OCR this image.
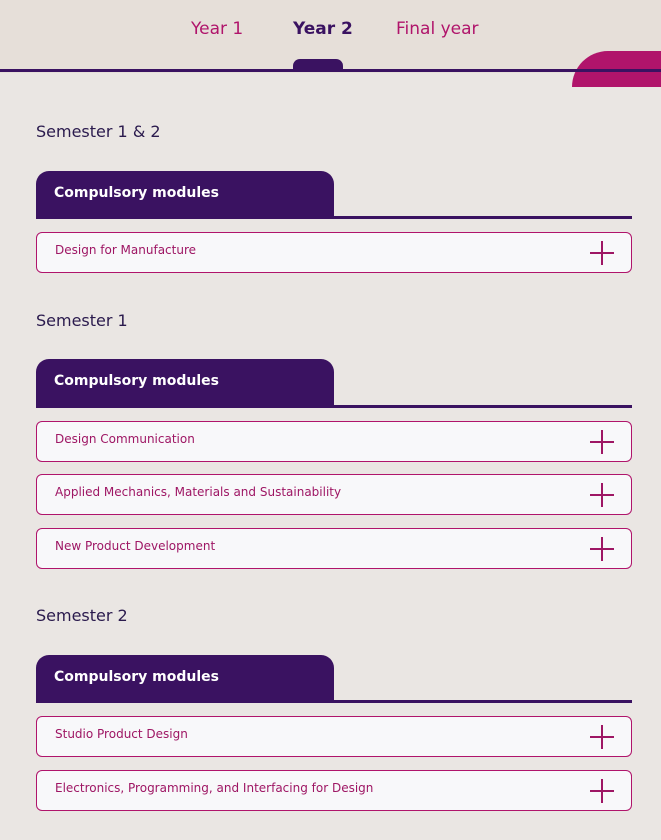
Year 1	Year 2	Final year
Semester 1 & 2
Compulsory modules
Design for Manufacture
Semester 1
Compulsory modules
Design Communication
Applied Mechanics, Materials and Sustainability
New Product Development
Semester 2
Compulsory modules
Studio Product Design
Electronics, Programming, and Interfacing for Design
